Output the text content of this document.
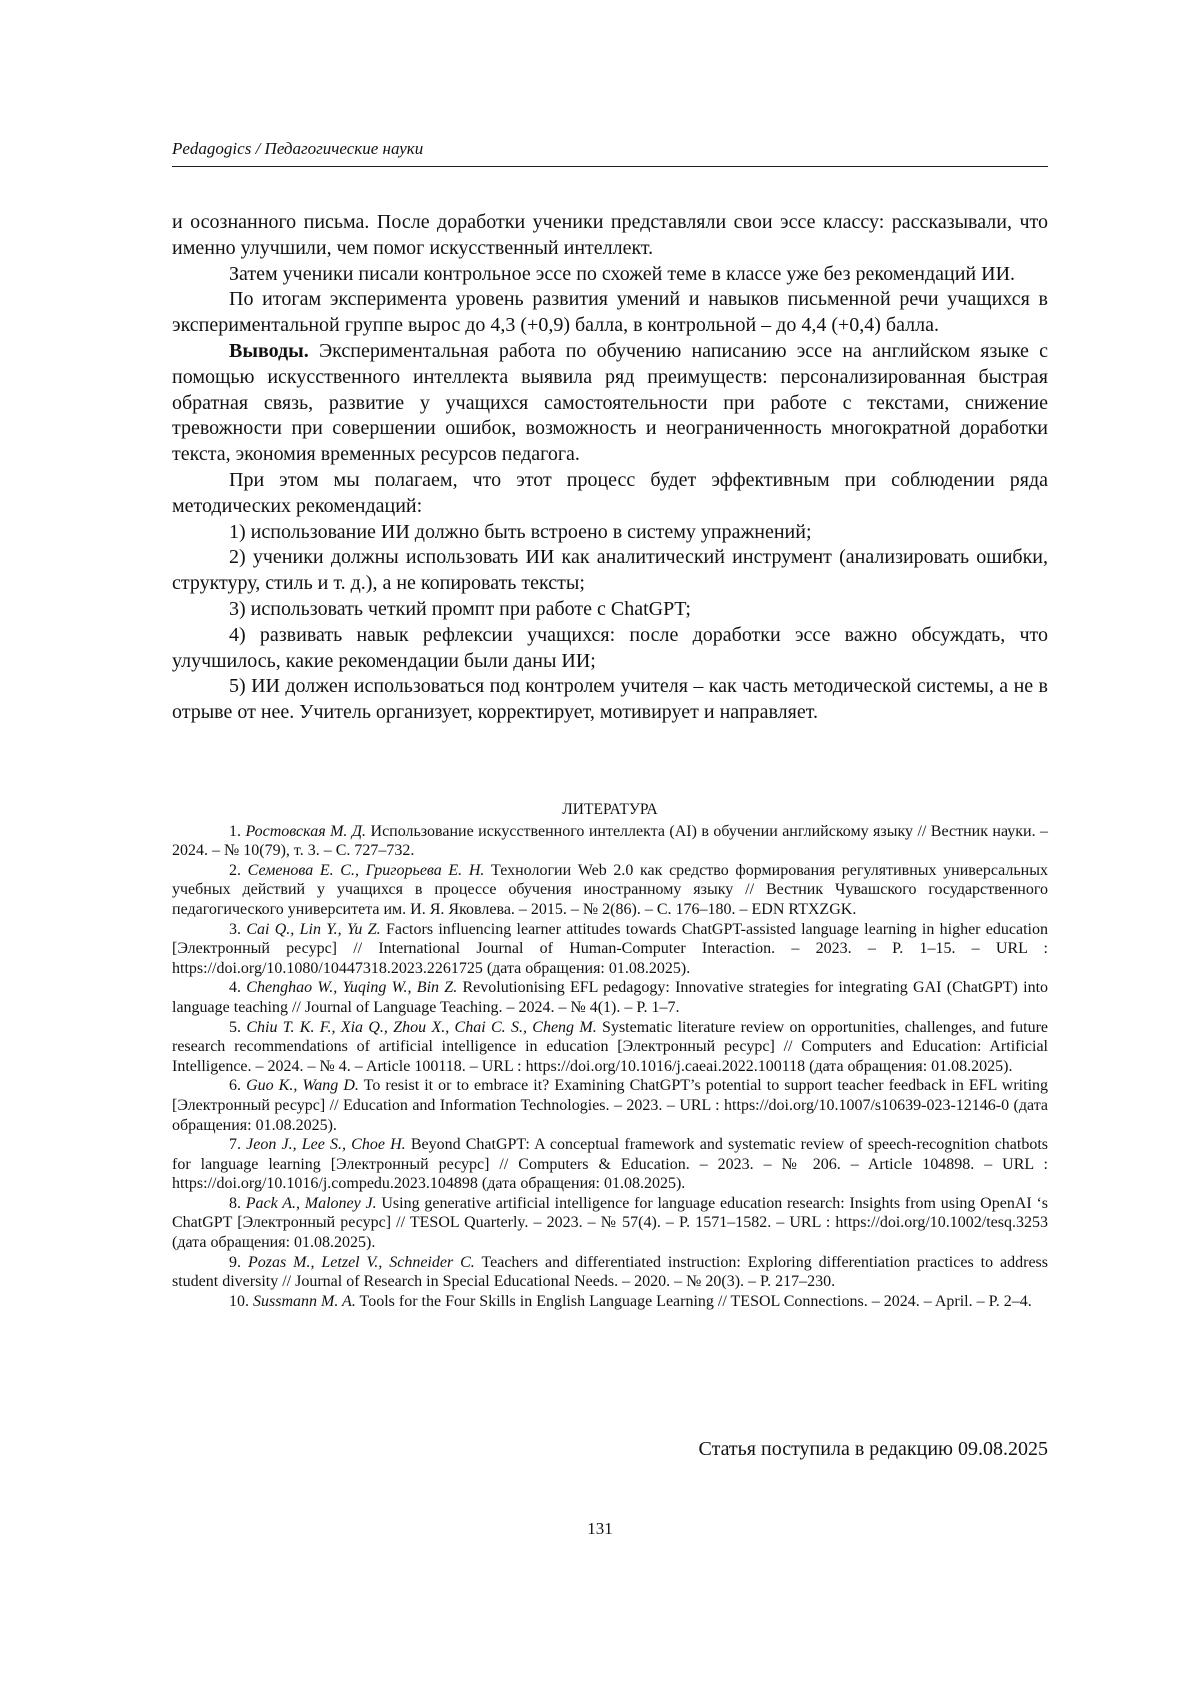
Pedagogics / Педагогические науки

и осознанного письма. После доработки ученики представляли свои эссе классу: рассказывали, что именно улучшили, чем помог искусственный интеллект.

Затем ученики писали контрольное эссе по схожей теме в классе уже без рекомендаций ИИ.

По итогам эксперимента уровень развития умений и навыков письменной речи учащихся в экспериментальной группе вырос до 4,3 (+0,9) балла, в контрольной – до 4,4 (+0,4) балла.

Выводы. Экспериментальная работа по обучению написанию эссе на английском языке с помощью искусственного интеллекта выявила ряд преимуществ: персонализированная быстрая обратная связь, развитие у учащихся самостоятельности при работе с текстами, снижение тревожности при совершении ошибок, возможность и неограниченность многократной доработки текста, экономия временных ресурсов педагога.

При этом мы полагаем, что этот процесс будет эффективным при соблюдении ряда методических рекомендаций:

1) использование ИИ должно быть встроено в систему упражнений;

2) ученики должны использовать ИИ как аналитический инструмент (анализировать ошибки, структуру, стиль и т. д.), а не копировать тексты;

3) использовать четкий промпт при работе с ChatGPT;

4) развивать навык рефлексии учащихся: после доработки эссе важно обсуждать, что улучшилось, какие рекомендации были даны ИИ;

5) ИИ должен использоваться под контролем учителя – как часть методической системы, а не в отрыве от нее. Учитель организует, корректирует, мотивирует и направляет.

ЛИТЕРАТУРА

1. Ростовская М. Д. Использование искусственного интеллекта (AI) в обучении английскому языку // Вестник науки. – 2024. – № 10(79), т. 3. – С. 727–732.

2. Семенова Е. С., Григорьева Е. Н. Технологии Web 2.0 как средство формирования регулятивных универсальных учебных действий у учащихся в процессе обучения иностранному языку // Вестник Чувашского государственного педагогического университета им. И. Я. Яковлева. – 2015. – № 2(86). – С. 176–180. – EDN RTXZGK.

3. Cai Q., Lin Y., Yu Z. Factors influencing learner attitudes towards ChatGPT-assisted language learning in higher education [Электронный ресурс] // International Journal of Human-Computer Interaction. – 2023. – P. 1–15. – URL : https://doi.org/10.1080/10447318.2023.2261725 (дата обращения: 01.08.2025).

4. Chenghao W., Yuqing W., Bin Z. Revolutionising EFL pedagogy: Innovative strategies for integrating GAI (ChatGPT) into language teaching // Journal of Language Teaching. – 2024. – № 4(1). – P. 1–7.

5. Chiu T. K. F., Xia Q., Zhou X., Chai C. S., Cheng M. Systematic literature review on opportunities, challenges, and future research recommendations of artificial intelligence in education [Электронный ресурс] // Computers and Education: Artificial Intelligence. – 2024. – № 4. – Article 100118. – URL : https://doi.org/10.1016/j.caeai.2022.100118 (дата обращения: 01.08.2025).

6. Guo K., Wang D. To resist it or to embrace it? Examining ChatGPT’s potential to support teacher feedback in EFL writing [Электронный ресурс] // Education and Information Technologies. – 2023. – URL : https://doi.org/10.1007/s10639-023-12146-0 (дата обращения: 01.08.2025).

7. Jeon J., Lee S., Choe H. Beyond ChatGPT: A conceptual framework and systematic review of speech-recognition chatbots for language learning [Электронный ресурс] // Computers & Education. – 2023. – № 206. – Article 104898. – URL : https://doi.org/10.1016/j.compedu.2023.104898 (дата обращения: 01.08.2025).

8. Pack A., Maloney J. Using generative artificial intelligence for language education research: Insights from using OpenAI ‘s ChatGPT [Электронный ресурс] // TESOL Quarterly. – 2023. – № 57(4). – P. 1571–1582. – URL : https://doi.org/10.1002/tesq.3253 (дата обращения: 01.08.2025).

9. Pozas M., Letzel V., Schneider C. Teachers and differentiated instruction: Exploring differentiation practices to address student diversity // Journal of Research in Special Educational Needs. – 2020. – № 20(3). – P. 217–230.

10. Sussmann M. A. Tools for the Four Skills in English Language Learning // TESOL Connections. – 2024. – April. – P. 2–4.

Статья поступила в редакцию 09.08.2025
131
